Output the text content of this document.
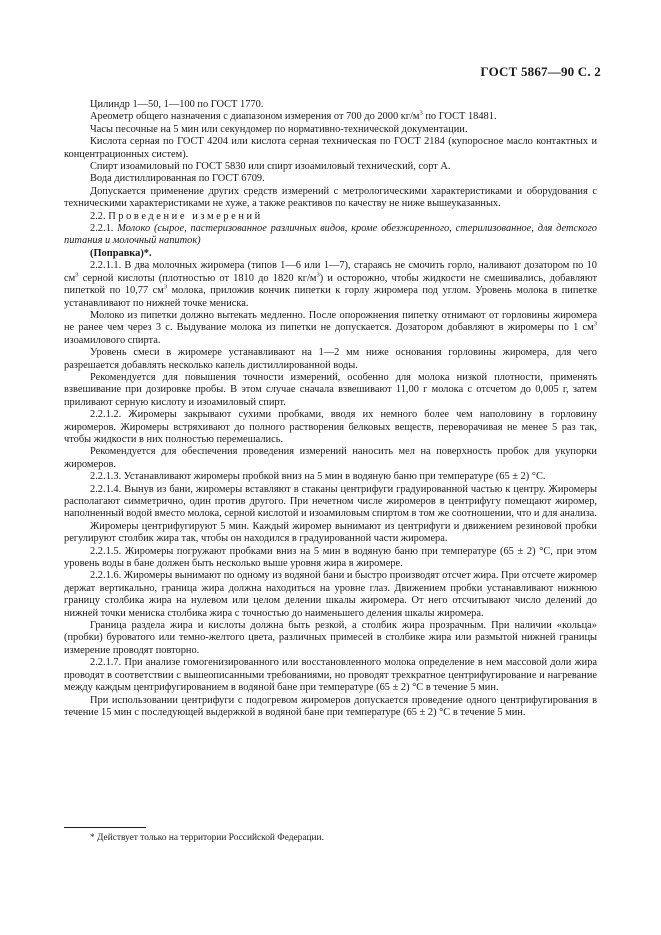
ГОСТ 5867—90 С. 2

Цилиндр 1—50, 1—100 по ГОСТ 1770.

Ареометр общего назначения с диапазоном измерения от 700 до 2000 $кг/м^3$ по ГОСТ 18481.

Часы песочные на 5 мин или секундомер по нормативно-технической документации.

Кислота серная по ГОСТ 4204 или кислота серная техническая по ГОСТ 2184 (купоросное масло контактных и концентрационных систем).

Спирт изоамиловый по ГОСТ 5830 или спирт изоамиловый технический, сорт А.

Вода дистиллированная по ГОСТ 6709.

Допускается применение других средств измерений с метрологическими характеристиками и оборудования с техническими характеристиками не хуже, а также реактивов по качеству не ниже вышеуказанных.

2.2. Проведение измерений

2.2.1. Молоко (сырое, пастеризованное различных видов, кроме обезжиренного, стерилизованное, для детского питания и молочный напиток)

(Поправка)*.

2.2.1.1. В два молочных жиромера (типов 1—6 или 1—7), стараясь не смочить горло, наливают дозатором по 10 $см^3$ серной кислоты (плотностью от 1810 до 1820 $кг/м^3$) и осторожно, чтобы жидкости не смешивались, добавляют пипеткой по 10,77 $см^3$ молока, приложив кончик пипетки к горлу жиромера под углом. Уровень молока в пипетке устанавливают по нижней точке мениска.

Молоко из пипетки должно вытекать медленно. После опорожнения пипетку отнимают от горловины жиромера не ранее чем через 3 с. Выдувание молока из пипетки не допускается. Дозатором добавляют в жиромеры по 1 $см^3$ изоамилового спирта.

Уровень смеси в жиромере устанавливают на 1—2 мм ниже основания горловины жиромера, для чего разрешается добавлять несколько капель дистиллированной воды.

Рекомендуется для повышения точности измерений, особенно для молока низкой плотности, применять взвешивание при дозировке пробы. В этом случае сначала взвешивают 11,00 г молока с отсчетом до 0,005 г, затем приливают серную кислоту и изоамиловый спирт.

2.2.1.2. Жиромеры закрывают сухими пробками, вводя их немного более чем наполовину в горловину жиромеров. Жиромеры встряхивают до полного растворения белковых веществ, переворачивая не менее 5 раз так, чтобы жидкости в них полностью перемешались.

Рекомендуется для обеспечения проведения измерений наносить мел на поверхность пробок для укупорки жиромеров.

2.2.1.3. Устанавливают жиромеры пробкой вниз на 5 мин в водяную баню при температуре (65 ± 2) °С.

2.2.1.4. Вынув из бани, жиромеры вставляют в стаканы центрифуги градуированной частью к центру. Жиромеры располагают симметрично, один против другого. При нечетном числе жиромеров в центрифугу помещают жиромер, наполненный водой вместо молока, серной кислотой и изоамиловым спиртом в том же соотношении, что и для анализа.

Жиромеры центрифугируют 5 мин. Каждый жиромер вынимают из центрифуги и движением резиновой пробки регулируют столбик жира так, чтобы он находился в градуированной части жиромера.

2.2.1.5. Жиромеры погружают пробками вниз на 5 мин в водяную баню при температуре (65 ± 2) °С, при этом уровень воды в бане должен быть несколько выше уровня жира в жиромере.

2.2.1.6. Жиромеры вынимают по одному из водяной бани и быстро производят отсчет жира. При отсчете жиромер держат вертикально, граница жира должна находиться на уровне глаз. Движением пробки устанавливают нижнюю границу столбика жира на нулевом или целом делении шкалы жиромера. От него отсчитывают число делений до нижней точки мениска столбика жира с точностью до наименьшего деления шкалы жиромера.

Граница раздела жира и кислоты должна быть резкой, а столбик жира прозрачным. При наличии «кольца» (пробки) буроватого или темно-желтого цвета, различных примесей в столбике жира или размытой нижней границы измерение проводят повторно.

2.2.1.7. При анализе гомогенизированного или восстановленного молока определение в нем массовой доли жира проводят в соответствии с вышеописанными требованиями, но проводят трехкратное центрифугирование и нагревание между каждым центрифугированием в водяной бане при температуре (65 ± 2) °С в течение 5 мин.

При использовании центрифуги с подогревом жиромеров допускается проведение одного центрифугирования в течение 15 мин с последующей выдержкой в водяной бане при температуре (65 ± 2) °С в течение 5 мин.

* Действует только на территории Российской Федерации.
